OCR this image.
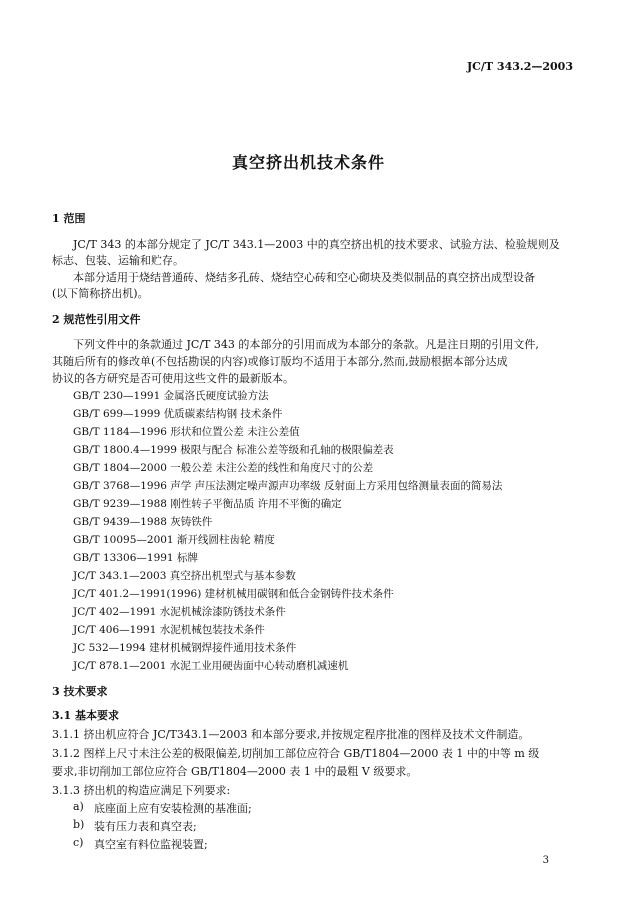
JC/T 343.2—2003
真空挤出机技术条件
1 范围
JC/T 343 的本部分规定了 JC/T 343.1—2003 中的真空挤出机的技术要求、试验方法、检验规则及
标志、包装、运输和贮存。
本部分适用于烧结普通砖、烧结多孔砖、烧结空心砖和空心砌块及类似制品的真空挤出成型设备
(以下简称挤出机)。
2 规范性引用文件
下列文件中的条款通过 JC/T 343 的本部分的引用而成为本部分的条款。凡是注日期的引用文件,
其随后所有的修改单(不包括勘误的内容)或修订版均不适用于本部分,然而,鼓励根据本部分达成
协议的各方研究是否可使用这些文件的最新版本。
GB/T 230—1991 金属洛氏硬度试验方法
GB/T 699—1999 优质碳素结构钢 技术条件
GB/T 1184—1996 形状和位置公差 未注公差值
GB/T 1800.4—1999 极限与配合 标准公差等级和孔轴的极限偏差表
GB/T 1804—2000 一般公差 未注公差的线性和角度尺寸的公差
GB/T 3768—1996 声学 声压法测定噪声源声功率级 反射面上方采用包络测量表面的简易法
GB/T 9239—1988 刚性转子平衡品质 许用不平衡的确定
GB/T 9439—1988 灰铸铁件
GB/T 10095—2001 渐开线圆柱齿轮 精度
GB/T 13306—1991 标牌
JC/T 343.1—2003 真空挤出机型式与基本参数
JC/T 401.2—1991(1996) 建材机械用碳钢和低合金钢铸件技术条件
JC/T 402—1991 水泥机械涂漆防锈技术条件
JC/T 406—1991 水泥机械包装技术条件
JC 532—1994 建材机械钢焊接件通用技术条件
JC/T 878.1—2001 水泥工业用硬齿面中心转动磨机减速机
3 技术要求
3.1 基本要求
3.1.1 挤出机应符合 JC/T343.1—2003 和本部分要求,并按规定程序批准的图样及技术文件制造。
3.1.2 图样上尺寸未注公差的极限偏差,切削加工部位应符合 GB/T1804—2000 表 1 中的中等 m 级
要求,非切削加工部位应符合 GB/T1804—2000 表 1 中的最粗 V 级要求。
3.1.3 挤出机的构造应满足下列要求:
a) 底座面上应有安装检测的基准面;
b) 装有压力表和真空表;
c) 真空室有料位监视装置;
3
